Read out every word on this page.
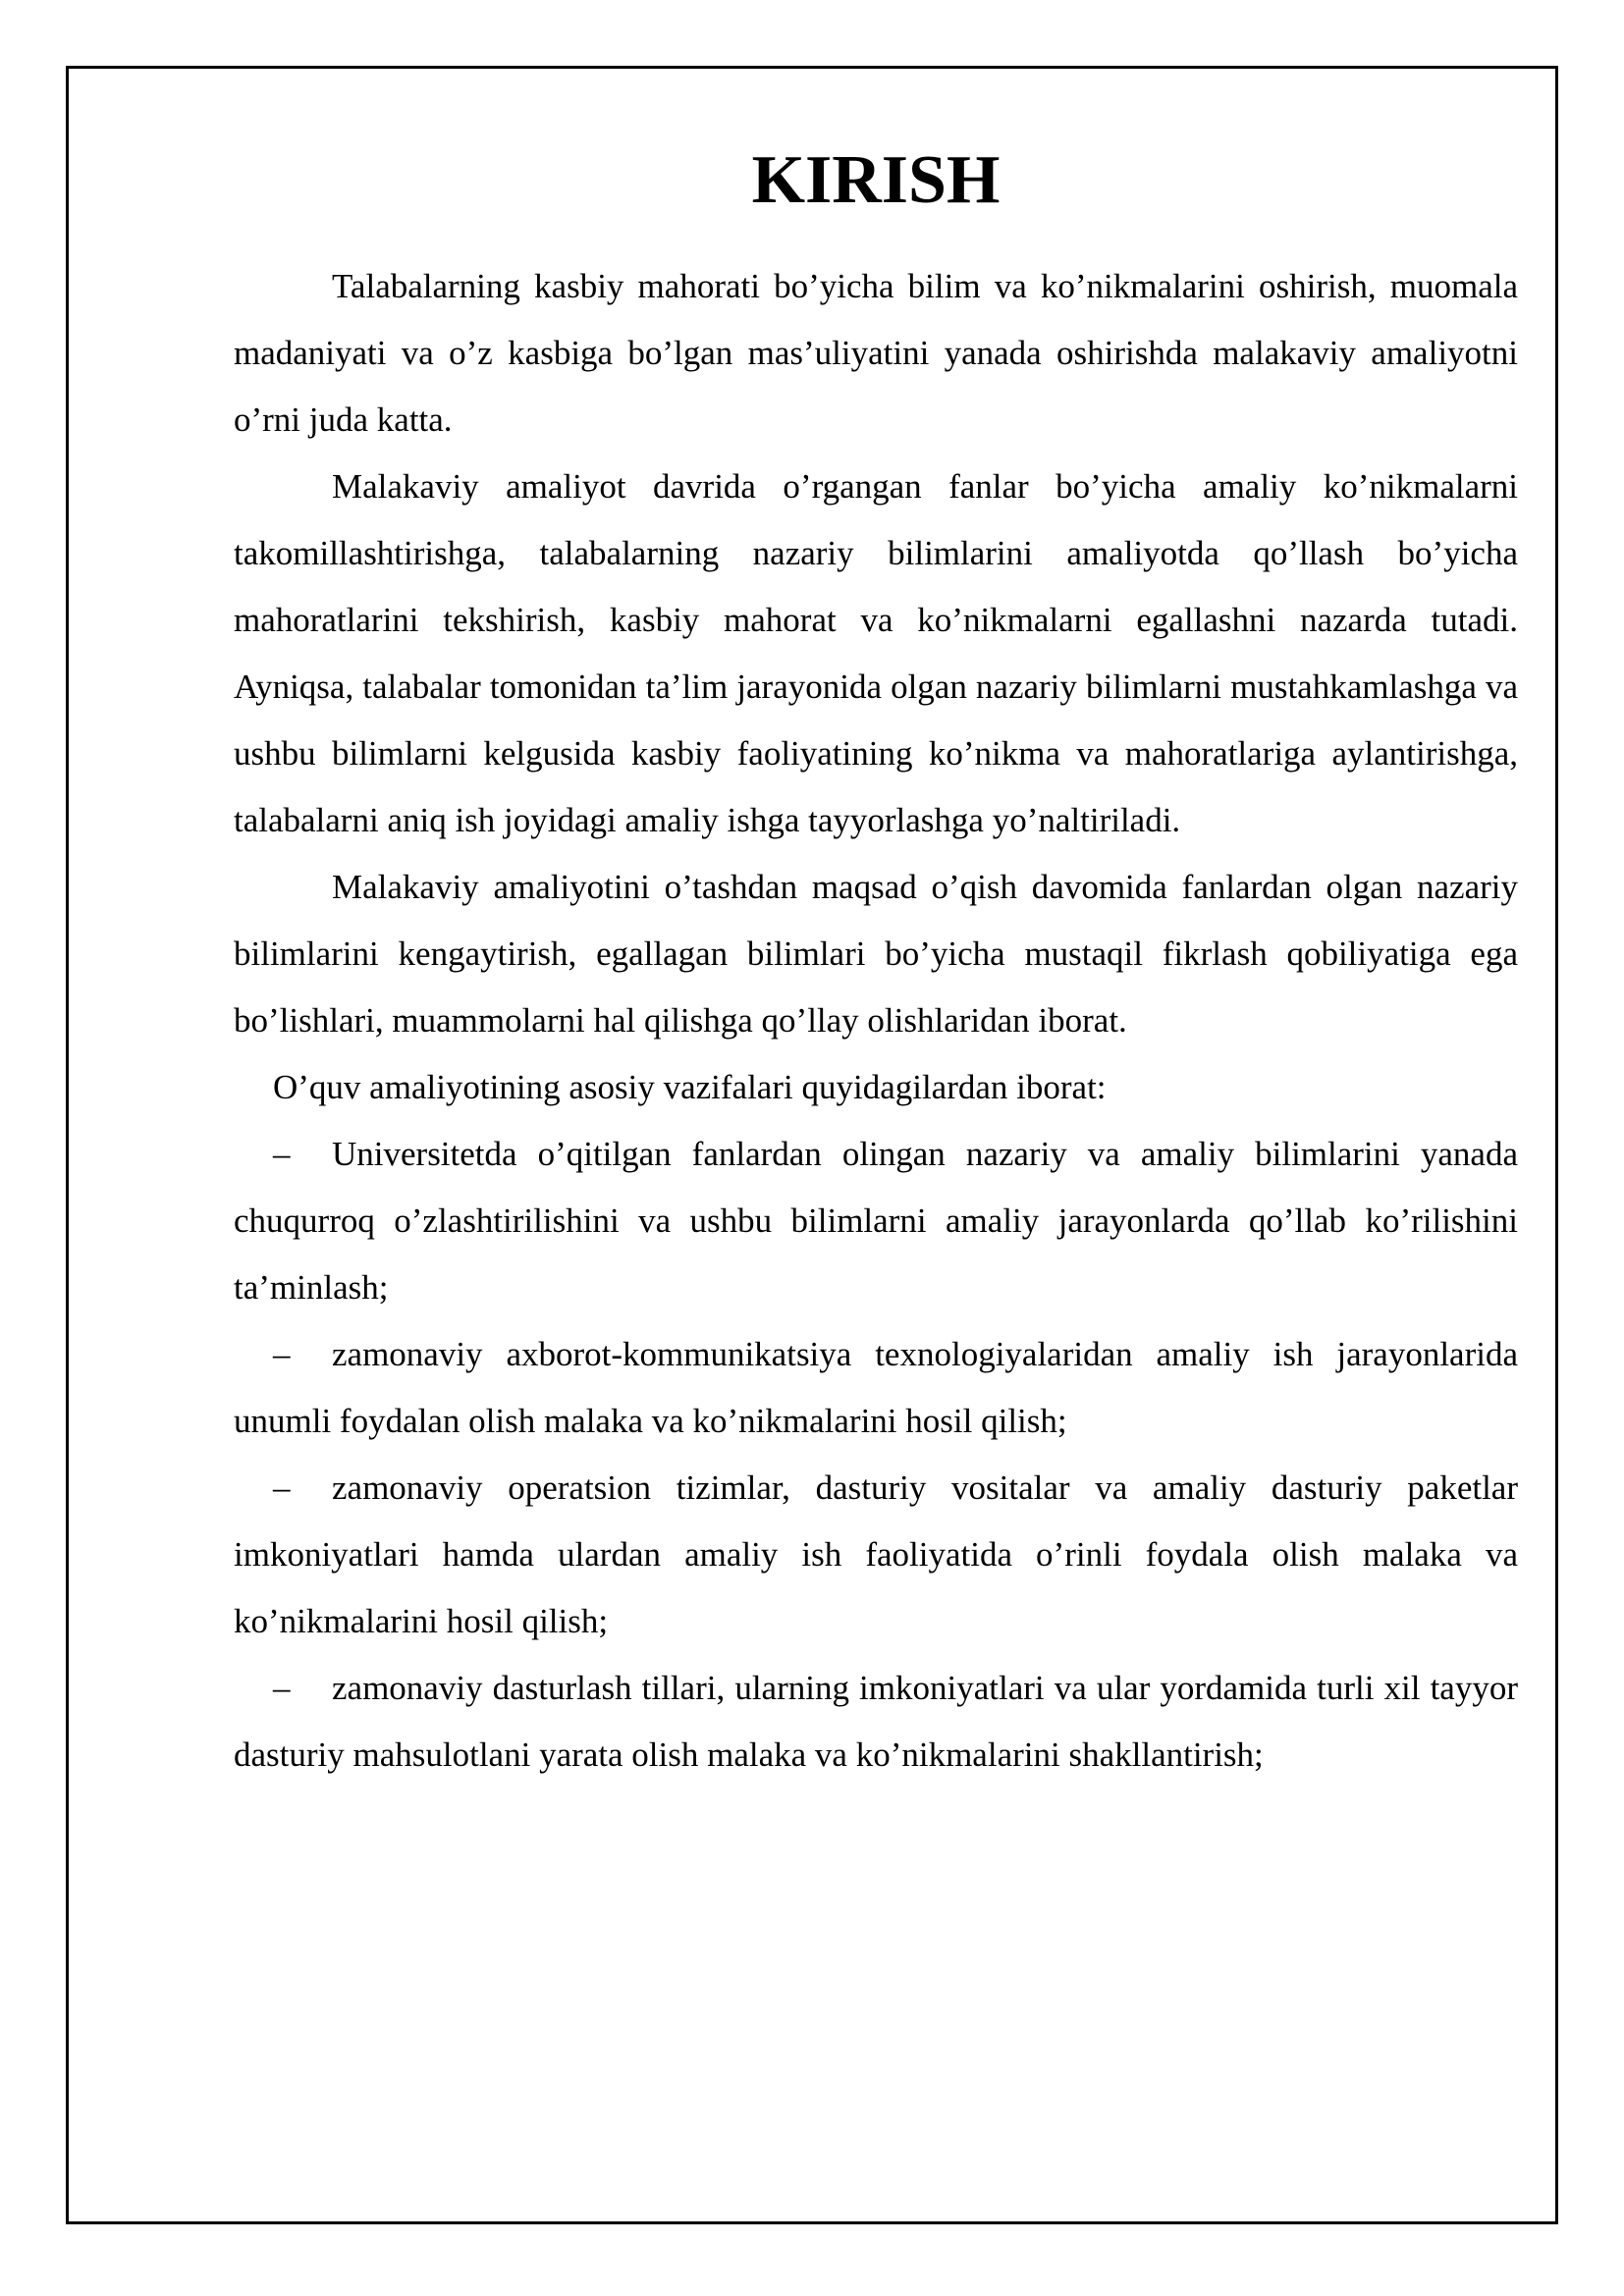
KIRISH

Talabalarning kasbiy mahorati bo’yicha bilim va ko’nikmalarini oshirish, muomala madaniyati va o’z kasbiga bo’lgan mas’uliyatini yanada oshirishda malakaviy amaliyotni o’rni juda katta.

Malakaviy amaliyot davrida o’rgangan fanlar bo’yicha amaliy ko’nikmalarni takomillashtirishga, talabalarning nazariy bilimlarini amaliyotda qo’llash bo’yicha mahoratlarini tekshirish, kasbiy mahorat va ko’nikmalarni egallashni nazarda tutadi. Ayniqsa, talabalar tomonidan ta’lim jarayonida olgan nazariy bilimlarni mustahkamlashga va ushbu bilimlarni kelgusida kasbiy faoliyatining ko’nikma va mahoratlariga aylantirishga, talabalarni aniq ish joyidagi amaliy ishga tayyorlashga yo’naltiriladi.

Malakaviy amaliyotini o’tashdan maqsad o’qish davomida fanlardan olgan nazariy bilimlarini kengaytirish, egallagan bilimlari bo’yicha mustaqil fikrlash qobiliyatiga ega bo’lishlari, muammolarni hal qilishga qo’llay olishlaridan iborat.

O’quv amaliyotining asosiy vazifalari quyidagilardan iborat:

– Universitetda o’qitilgan fanlardan olingan nazariy va amaliy bilimlarini yanada chuqurroq o’zlashtirilishini va ushbu bilimlarni amaliy jarayonlarda qo’llab ko’rilishini ta’minlash;

– zamonaviy axborot-kommunikatsiya texnologiyalaridan amaliy ish jarayonlarida unumli foydalan olish malaka va ko’nikmalarini hosil qilish;

– zamonaviy operatsion tizimlar, dasturiy vositalar va amaliy dasturiy paketlar imkoniyatlari hamda ulardan amaliy ish faoliyatida o’rinli foydala olish malaka va ko’nikmalarini hosil qilish;

– zamonaviy dasturlash tillari, ularning imkoniyatlari va ular yordamida turli xil tayyor dasturiy mahsulotlani yarata olish malaka va ko’nikmalarini shakllantirish;
